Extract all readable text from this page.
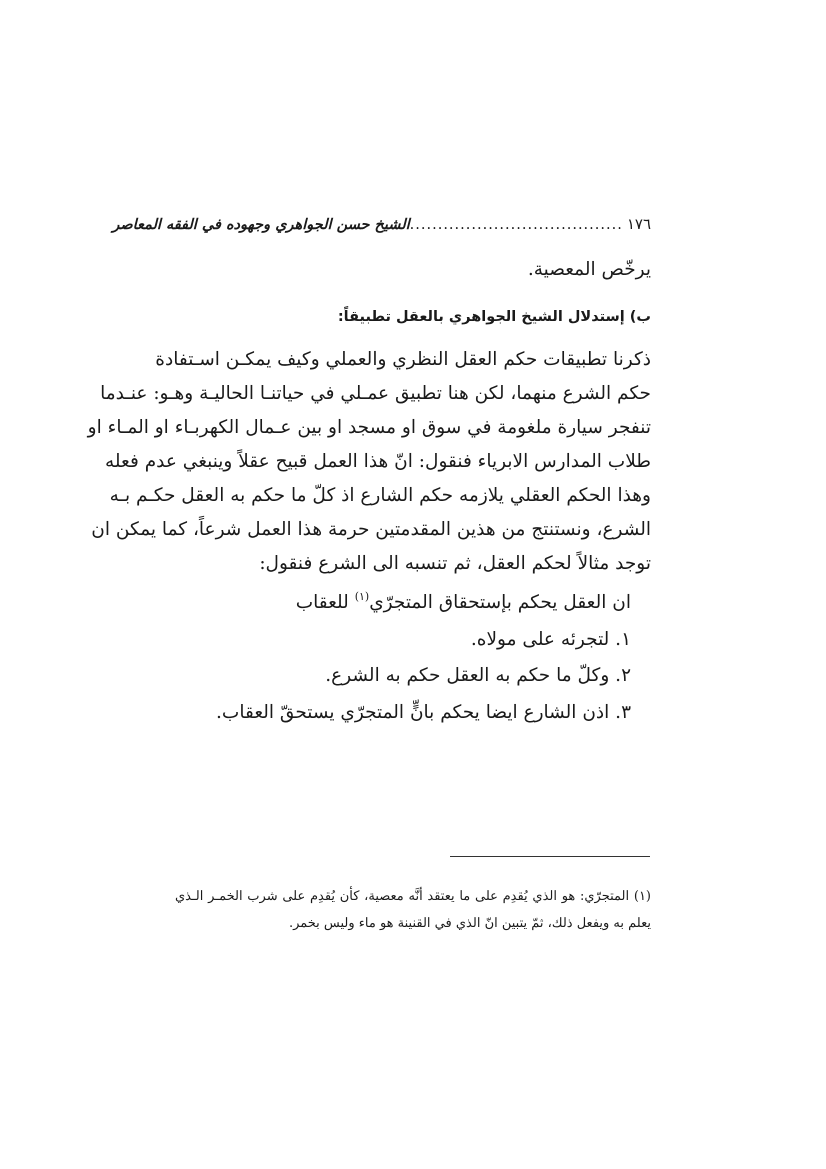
١٧٦
......................................
الشيخ حسن الجواهري وجهوده في الفقه المعاصر
يرخّص المعصية.
ب) إستدلال الشيخ الجواهري بالعقل تطبيقاً:
ذكرنا تطبيقات حكم العقل النظري والعملي وكيف يمكـن اسـتفادة
حكم الشرع منهما، لكن هنا تطبيق عمـلي في حياتنـا الحاليـة وهـو: عنـدما
تنفجر سيارة ملغومة في سوق او مسجد او بين عـمال الكهربـاء او المـاء او
طلاب المدارس الابرياء فنقول: انّ هذا العمل قبيح عقلاً وينبغي عدم فعله
وهذا الحكم العقلي يلازمه حكم الشارع اذ كلّ ما حكم به العقل حكـم بـه
الشرع، ونستنتج من هذين المقدمتين حرمة هذا العمل شرعاً، كما يمكن ان
توجد مثالاً لحكم العقل، ثم تنسبه الى الشرع فنقول:
ان العقل يحكم بإستحقاق المتجرّي$^{(١)}$ للعقاب
١. لتجرئه على مولاه.
٢. وكلّ ما حكم به العقل حكم به الشرع.
٣. اذن الشارع ايضا يحكم بانٍّ المتجرّي يستحقّ العقاب.
(١) المتجرّي: هو الذي يُقدِم على ما يعتقد أنَّه معصية، كأن يُقدِم على شرب الخمـر الـذي
يعلم به ويفعل ذلك، ثمّ يتبين انّ الذي في القنينة هو ماء وليس بخمر.
